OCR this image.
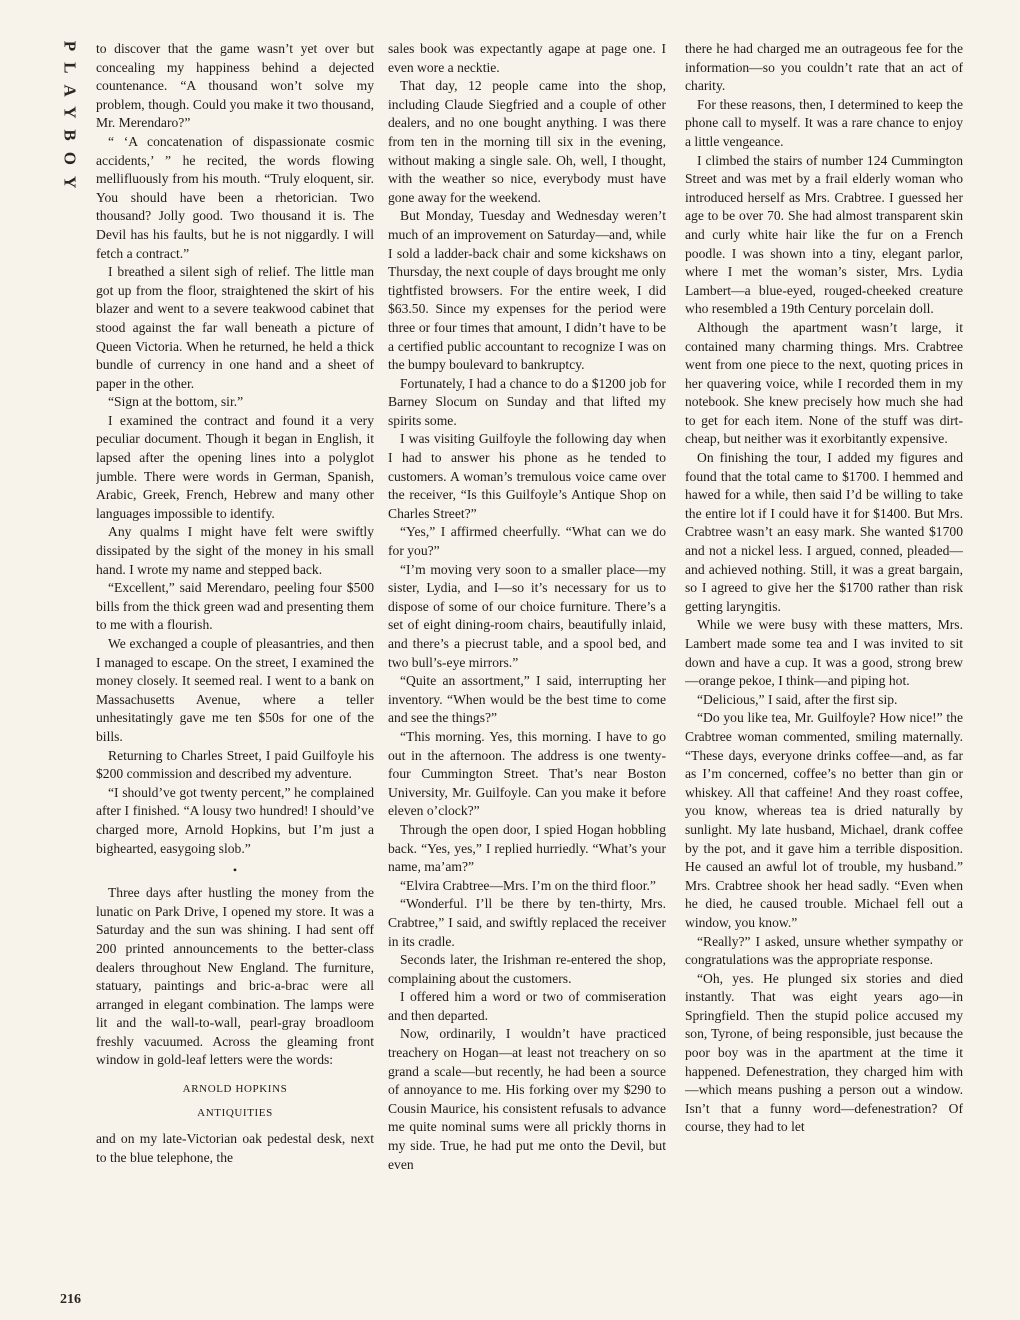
PLAYBOY
216

to discover that the game wasn’t yet over but concealing my happiness behind a dejected countenance. “A thousand won’t solve my problem, though. Could you make it two thousand, Mr. Merendaro?”

“ ‘A concatenation of dispassionate cosmic accidents,’ ” he recited, the words flowing mellifluously from his mouth. “Truly eloquent, sir. You should have been a rhetorician. Two thousand? Jolly good. Two thousand it is. The Devil has his faults, but he is not niggardly. I will fetch a contract.”

I breathed a silent sigh of relief. The little man got up from the floor, straightened the skirt of his blazer and went to a severe teakwood cabinet that stood against the far wall beneath a picture of Queen Victoria. When he returned, he held a thick bundle of currency in one hand and a sheet of paper in the other.

“Sign at the bottom, sir.”

I examined the contract and found it a very peculiar document. Though it began in English, it lapsed after the opening lines into a polyglot jumble. There were words in German, Spanish, Arabic, Greek, French, Hebrew and many other languages impossible to identify.

Any qualms I might have felt were swiftly dissipated by the sight of the money in his small hand. I wrote my name and stepped back.

“Excellent,” said Merendaro, peeling four $500 bills from the thick green wad and presenting them to me with a flourish.

We exchanged a couple of pleasantries, and then I managed to escape. On the street, I examined the money closely. It seemed real. I went to a bank on Massachusetts Avenue, where a teller unhesitatingly gave me ten $50s for one of the bills.

Returning to Charles Street, I paid Guilfoyle his $200 commission and described my adventure.

“I should’ve got twenty percent,” he complained after I finished. “A lousy two hundred! I should’ve charged more, Arnold Hopkins, but I’m just a bighearted, easygoing slob.”

•

Three days after hustling the money from the lunatic on Park Drive, I opened my store. It was a Saturday and the sun was shining. I had sent off 200 printed announcements to the better-class dealers throughout New England. The furniture, statuary, paintings and bric-a-brac were all arranged in elegant combination. The lamps were lit and the wall-to-wall, pearl-gray broadloom freshly vacuumed. Across the gleaming front window in gold-leaf letters were the words:

ARNOLD HOPKINS
ANTIQUITIES

and on my late-Victorian oak pedestal desk, next to the blue telephone, the

sales book was expectantly agape at page one. I even wore a necktie.

That day, 12 people came into the shop, including Claude Siegfried and a couple of other dealers, and no one bought anything. I was there from ten in the morning till six in the evening, without making a single sale. Oh, well, I thought, with the weather so nice, everybody must have gone away for the weekend.

But Monday, Tuesday and Wednesday weren’t much of an improvement on Saturday—and, while I sold a ladder-back chair and some kickshaws on Thursday, the next couple of days brought me only tightfisted browsers. For the entire week, I did $63.50. Since my expenses for the period were three or four times that amount, I didn’t have to be a certified public accountant to recognize I was on the bumpy boulevard to bankruptcy.

Fortunately, I had a chance to do a $1200 job for Barney Slocum on Sunday and that lifted my spirits some.

I was visiting Guilfoyle the following day when I had to answer his phone as he tended to customers. A woman’s tremulous voice came over the receiver, “Is this Guilfoyle’s Antique Shop on Charles Street?”

“Yes,” I affirmed cheerfully. “What can we do for you?”

“I’m moving very soon to a smaller place—my sister, Lydia, and I—so it’s necessary for us to dispose of some of our choice furniture. There’s a set of eight dining-room chairs, beautifully inlaid, and there’s a piecrust table, and a spool bed, and two bull’s-eye mirrors.”

“Quite an assortment,” I said, interrupting her inventory. “When would be the best time to come and see the things?”

“This morning. Yes, this morning. I have to go out in the afternoon. The address is one twenty-four Cummington Street. That’s near Boston University, Mr. Guilfoyle. Can you make it before eleven o’clock?”

Through the open door, I spied Hogan hobbling back. “Yes, yes,” I replied hurriedly. “What’s your name, ma’am?”

“Elvira Crabtree—Mrs. I’m on the third floor.”

“Wonderful. I’ll be there by ten-thirty, Mrs. Crabtree,” I said, and swiftly replaced the receiver in its cradle.

Seconds later, the Irishman re-entered the shop, complaining about the customers.

I offered him a word or two of commiseration and then departed.

Now, ordinarily, I wouldn’t have practiced treachery on Hogan—at least not treachery on so grand a scale—but recently, he had been a source of annoyance to me. His forking over my $290 to Cousin Maurice, his consistent refusals to advance me quite nominal sums were all prickly thorns in my side. True, he had put me onto the Devil, but even

there he had charged me an outrageous fee for the information—so you couldn’t rate that an act of charity.

For these reasons, then, I determined to keep the phone call to myself. It was a rare chance to enjoy a little vengeance.

I climbed the stairs of number 124 Cummington Street and was met by a frail elderly woman who introduced herself as Mrs. Crabtree. I guessed her age to be over 70. She had almost transparent skin and curly white hair like the fur on a French poodle. I was shown into a tiny, elegant parlor, where I met the woman’s sister, Mrs. Lydia Lambert—a blue-eyed, rouged-cheeked creature who resembled a 19th Century porcelain doll.

Although the apartment wasn’t large, it contained many charming things. Mrs. Crabtree went from one piece to the next, quoting prices in her quavering voice, while I recorded them in my notebook. She knew precisely how much she had to get for each item. None of the stuff was dirt-cheap, but neither was it exorbitantly expensive.

On finishing the tour, I added my figures and found that the total came to $1700. I hemmed and hawed for a while, then said I’d be willing to take the entire lot if I could have it for $1400. But Mrs. Crabtree wasn’t an easy mark. She wanted $1700 and not a nickel less. I argued, conned, pleaded—and achieved nothing. Still, it was a great bargain, so I agreed to give her the $1700 rather than risk getting laryngitis.

While we were busy with these matters, Mrs. Lambert made some tea and I was invited to sit down and have a cup. It was a good, strong brew—orange pekoe, I think—and piping hot.

“Delicious,” I said, after the first sip.

“Do you like tea, Mr. Guilfoyle? How nice!” the Crabtree woman commented, smiling maternally. “These days, everyone drinks coffee—and, as far as I’m concerned, coffee’s no better than gin or whiskey. All that caffeine! And they roast coffee, you know, whereas tea is dried naturally by sunlight. My late husband, Michael, drank coffee by the pot, and it gave him a terrible disposition. He caused an awful lot of trouble, my husband.” Mrs. Crabtree shook her head sadly. “Even when he died, he caused trouble. Michael fell out a window, you know.”

“Really?” I asked, unsure whether sympathy or congratulations was the appropriate response.

“Oh, yes. He plunged six stories and died instantly. That was eight years ago—in Springfield. Then the stupid police accused my son, Tyrone, of being responsible, just because the poor boy was in the apartment at the time it happened. Defenestration, they charged him with—which means pushing a person out a window. Isn’t that a funny word—defenestration? Of course, they had to let
